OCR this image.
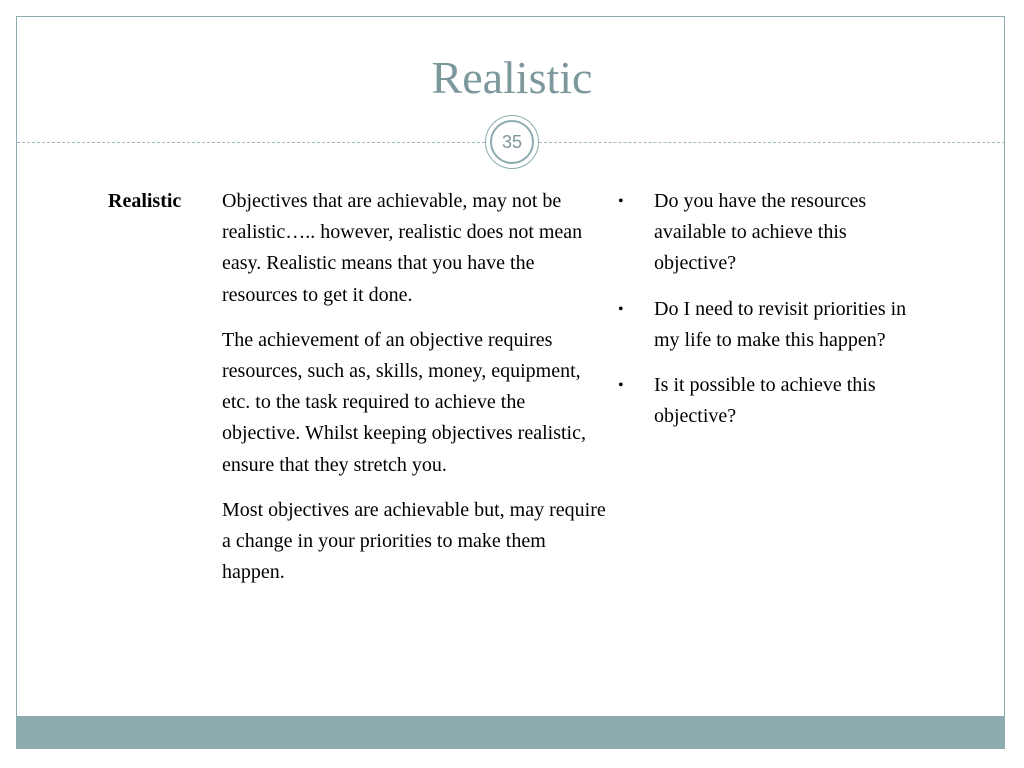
Realistic
35
Realistic Objectives that are achievable, may not be realistic….. however, realistic does not mean easy. Realistic means that you have the resources to get it done.

The achievement of an objective requires resources, such as, skills, money, equipment, etc. to the task required to achieve the objective. Whilst keeping objectives realistic, ensure that they stretch you.

Most objectives are achievable but, may require a change in your priorities to make them happen.

• Do you have the resources available to achieve this objective?
• Do I need to revisit priorities in my life to make this happen?
• Is it possible to achieve this objective?
